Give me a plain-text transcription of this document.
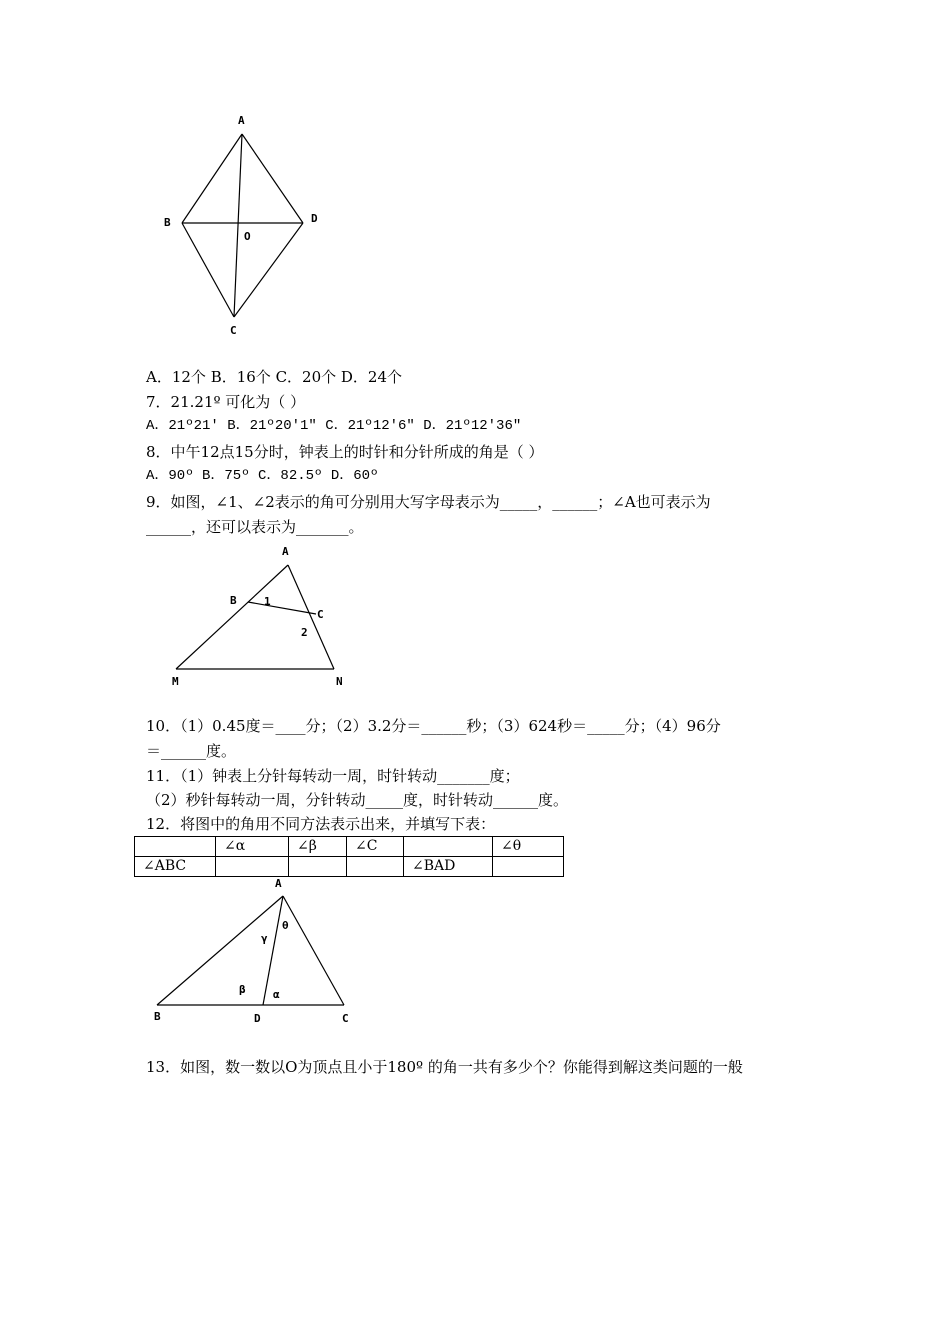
A
B	D
O
C
A．12个 B．16个 C．20个 D．24个
7．21.21º 可化为（ ）
A．21º21′ B．21º20′1″ C．21º12′6″ D．21º12′36″
8．中午12点15分时，钟表上的时针和分针所成的角是（ ）
A．90º B．75º C．82.5º D．60º
9．如图，∠1、∠2表示的角可分别用大写字母表示为_____，______；∠A也可表示为
______，还可以表示为_______。
A
B
C
1
2
M	N
10．（1）0.45度＝____分；（2）3.2分＝______秒；（3）624秒＝_____分；（4）96分
＝______度。
11．（1）钟表上分针每转动一周，时针转动_______度；
（2）秒针每转动一周，分针转动_____度，时针转动______度。
12．将图中的角用不同方法表示出来，并填写下表：
	∠α	∠β	∠C		∠θ
∠ABC				∠BAD	
A
γ
θ
β α
B	D	C
13．如图，数一数以O为顶点且小于180º 的角一共有多少个？你能得到解这类问题的一般
